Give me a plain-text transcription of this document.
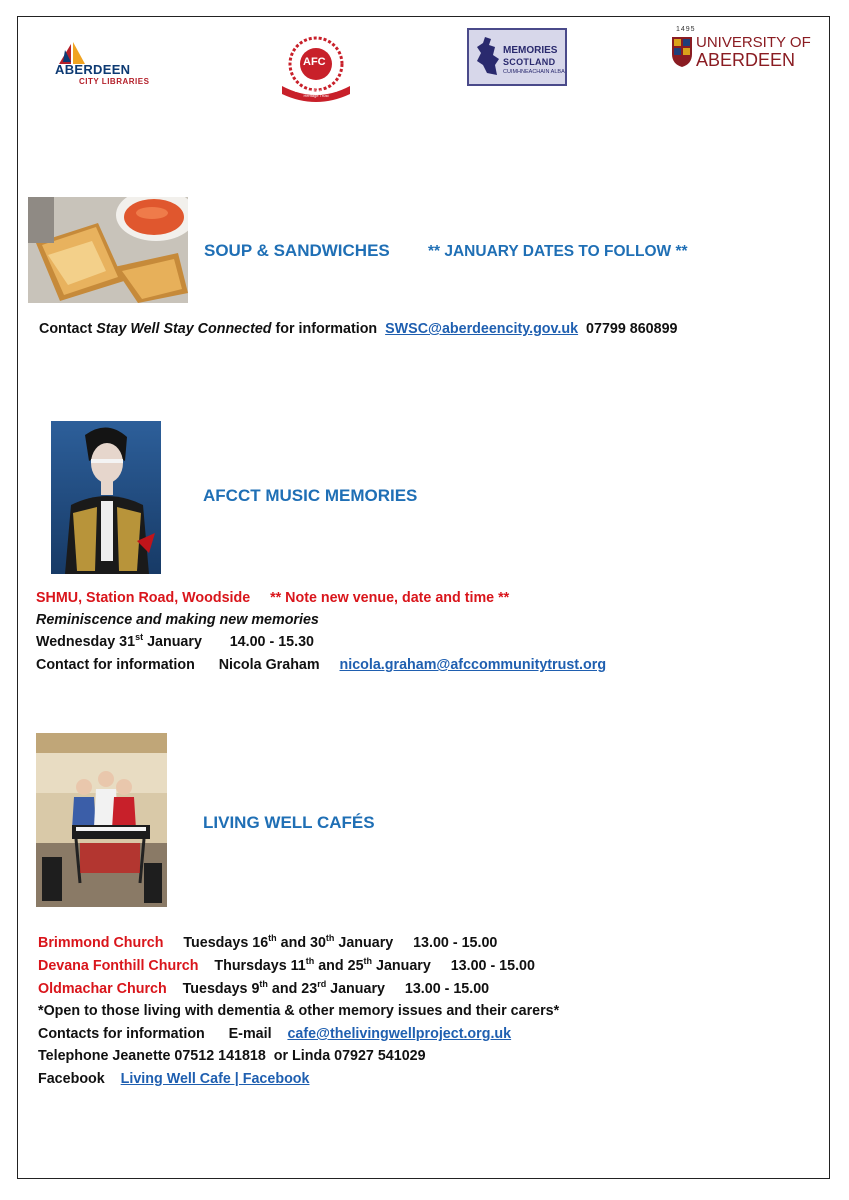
ABERDEEN
CITY LIBRARIES
AFC
Aberdeen Football Club Heritage Trust
MEMORIES
SCOTLAND
CUIMHNEACHAIN ALBA
1495
UNIVERSITY OF
ABERDEEN
SOUP & SANDWICHES ** JANUARY DATES TO FOLLOW **
Contact Stay Well Stay Connected for information SWSC@aberdeencity.gov.uk 07799 860899
AFCCT MUSIC MEMORIES
SHMU, Station Road, Woodside ** Note new venue, date and time **
Reminiscence and making new memories
Wednesday 31st January 14.00 - 15.30
Contact for information Nicola Graham nicola.graham@afccommunitytrust.org
LIVING WELL CAFÉS
Brimmond Church Tuesdays 16th and 30th January 13.00 - 15.00
Devana Fonthill Church Thursdays 11th and 25th January 13.00 - 15.00
Oldmachar Church Tuesdays 9th and 23rd January 13.00 - 15.00
*Open to those living with dementia & other memory issues and their carers*
Contacts for information E-mail cafe@thelivingwellproject.org.uk
Telephone Jeanette 07512 141818  or Linda 07927 541029
Facebook Living Well Cafe | Facebook
